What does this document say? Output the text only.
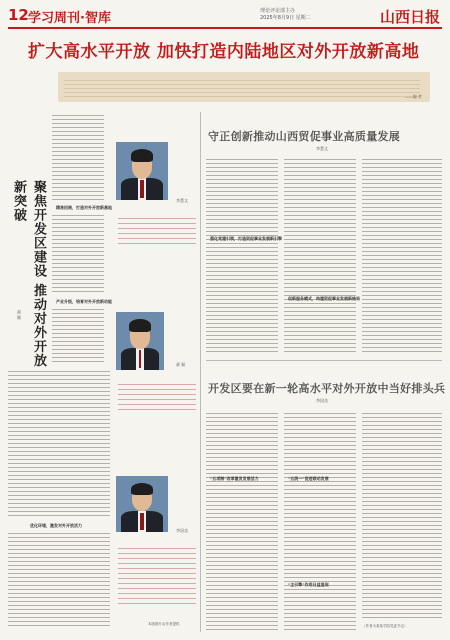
12 学习周刊·智库	理论评论部主办
2025年8月9日 星期二	山西日报
扩大高水平开放 加快打造内陆地区对外开放新高地
——编 者
聚焦开发区建设 推动对外开放新突破
郝 颖
精准招商，打造对外开放新高地
产业升级，培育对外开放新动能
优化环境，激发对外开放活力
李慧文
郝 颖
李国良
本版图片由作者提供
守正创新推动山西贸促事业高质量发展
李慧文
强化党建引领，打造贸促事业发展新引擎
创新服务模式，构建贸促事业发展新格局
开发区要在新一轮高水平对外开放中当好排头兵
李国良
“五项制”改革激发发展活力	“五统一”促进联动发展
“主引擎”作用日益显现
（作者为某某学院党委书记）
